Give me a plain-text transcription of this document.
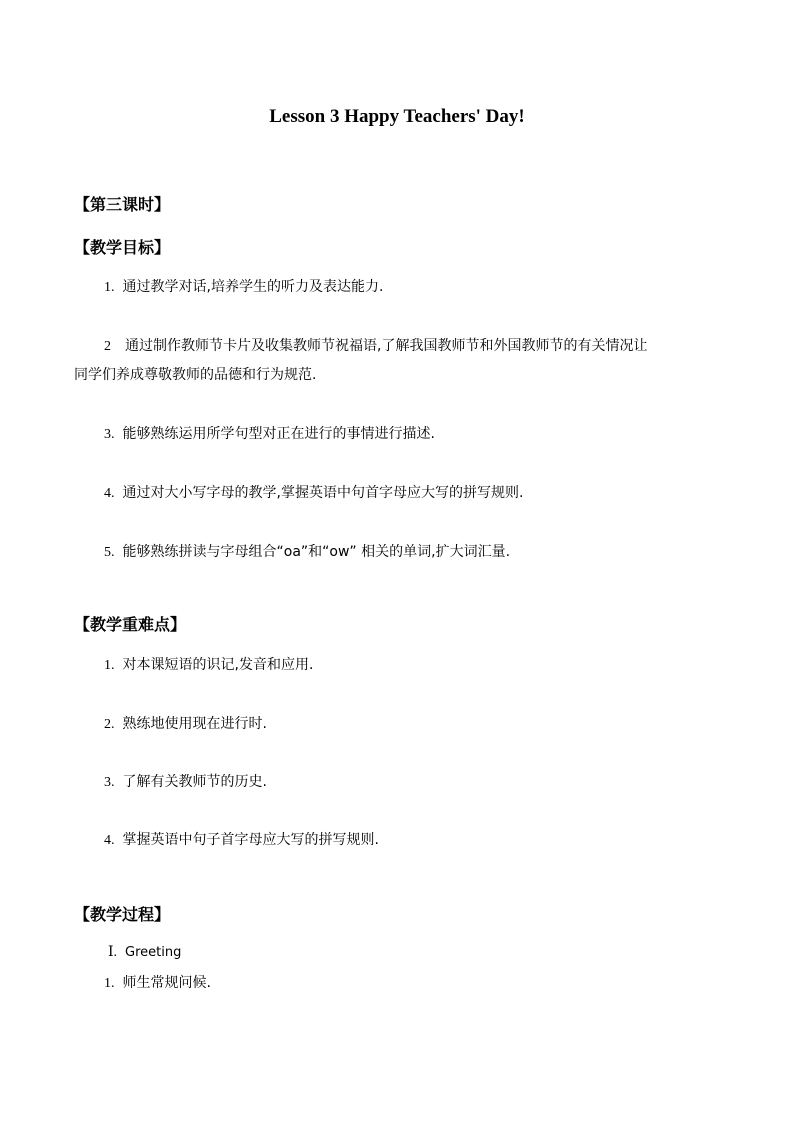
Lesson 3 Happy Teachers' Day!
【第三课时】
【教学目标】
1. 通过教学对话,培养学生的听力及表达能力.
2 通过制作教师节卡片及收集教师节祝福语,了解我国教师节和外国教师节的有关情况让
同学们养成尊敬教师的品德和行为规范.
3. 能够熟练运用所学句型对正在进行的事情进行描述.
4. 通过对大小写字母的教学,掌握英语中句首字母应大写的拼写规则.
5. 能够熟练拼读与字母组合“oa”和“ow” 相关的单词,扩大词汇量.
【教学重难点】
1. 对本课短语的识记,发音和应用.
2. 熟练地使用现在进行时.
3. 了解有关教师节的历史.
4. 掌握英语中句子首字母应大写的拼写规则.
【教学过程】
Ⅰ. Greeting
1. 师生常规问候.
